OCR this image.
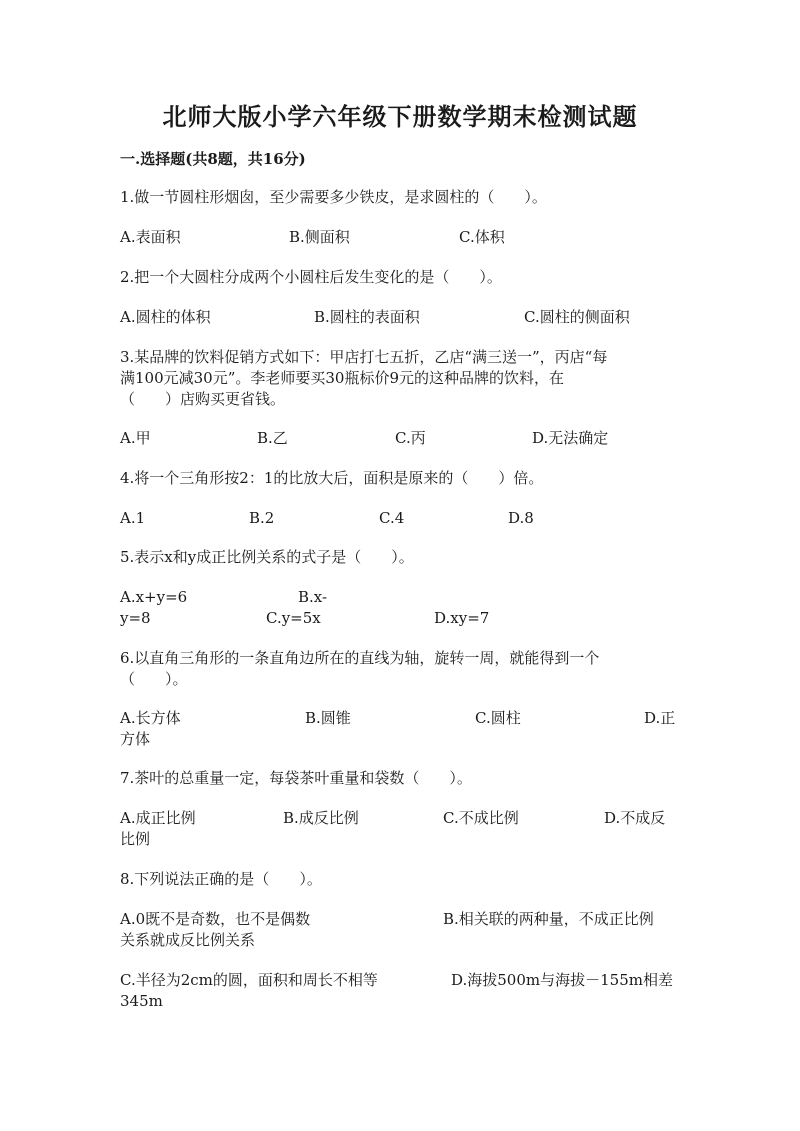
北师大版小学六年级下册数学期末检测试题
一.选择题(共8题，共16分)
1.做一节圆柱形烟囱，至少需要多少铁皮，是求圆柱的（　　）。
A.表面积	B.侧面积	C.体积
2.把一个大圆柱分成两个小圆柱后发生变化的是（　　）。
A.圆柱的体积	B.圆柱的表面积	C.圆柱的侧面积
3.某品牌的饮料促销方式如下：甲店打七五折，乙店“满三送一”，丙店“每
满100元减30元”。李老师要买30瓶标价9元的这种品牌的饮料，在
（　　）店购买更省钱。
A.甲	B.乙	C.丙	D.无法确定
4.将一个三角形按2：1的比放大后，面积是原来的（　　）倍。
A.1	B.2	C.4	D.8
5.表示x和y成正比例关系的式子是（　　）。
A.x+y=6	B.x-
y=8	C.y=5x	D.xy=7
6.以直角三角形的一条直角边所在的直线为轴，旋转一周，就能得到一个
（　　）。
A.长方体	B.圆锥	C.圆柱	D.正
方体
7.茶叶的总重量一定，每袋茶叶重量和袋数（　　）。
A.成正比例	B.成反比例	C.不成比例	D.不成反
比例
8.下列说法正确的是（　　）。
A.0既不是奇数，也不是偶数	B.相关联的两种量，不成正比例
关系就成反比例关系
C.半径为2cm的圆，面积和周长不相等	D.海拔500m与海拔－155m相差
345m
